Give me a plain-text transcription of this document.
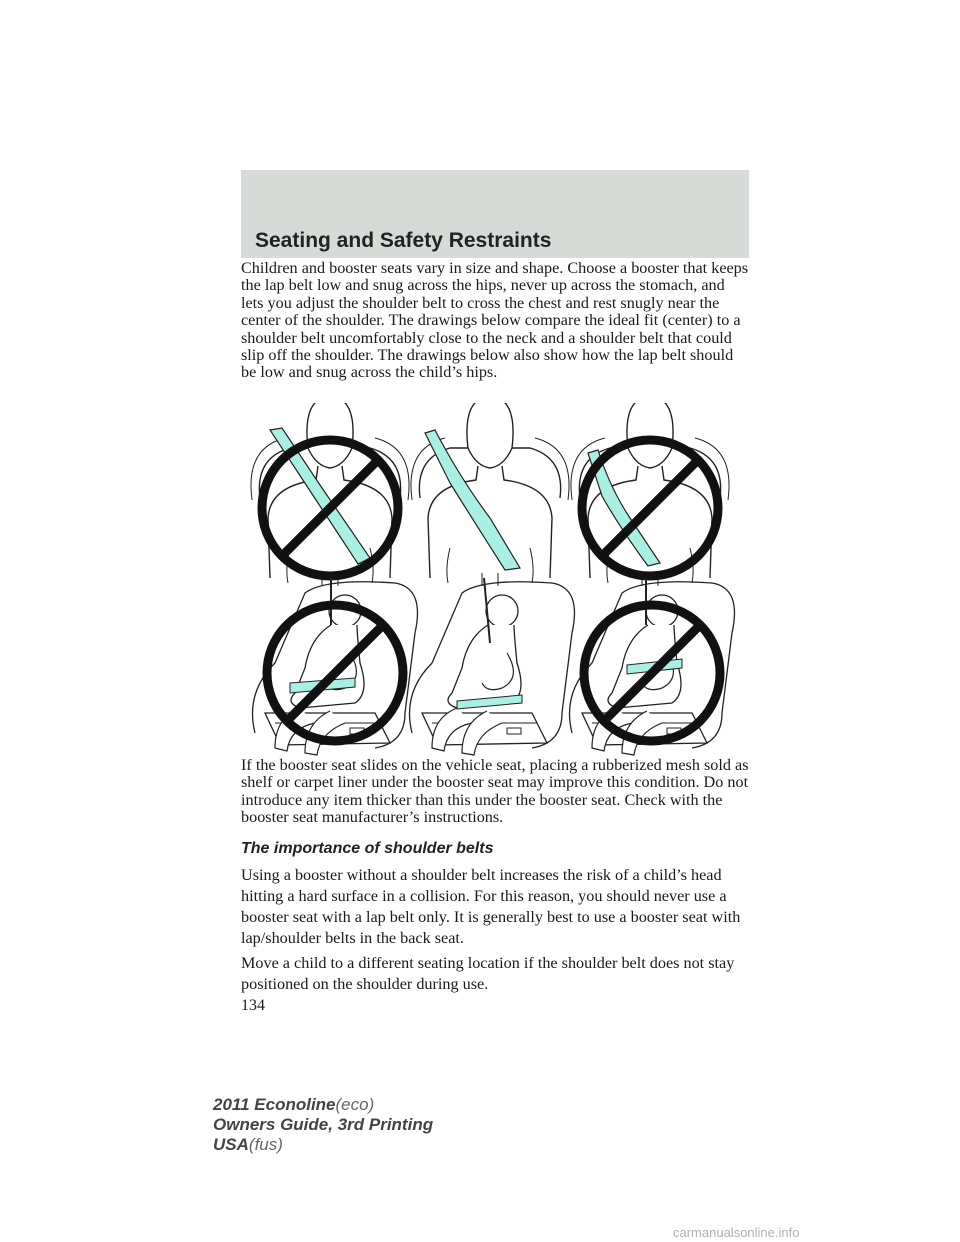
Seating and Safety Restraints

Children and booster seats vary in size and shape. Choose a booster that keeps the lap belt low and snug across the hips, never up across the stomach, and lets you adjust the shoulder belt to cross the chest and rest snugly near the center of the shoulder. The drawings below compare the ideal fit (center) to a shoulder belt uncomfortably close to the neck and a shoulder belt that could slip off the shoulder. The drawings below also show how the lap belt should be low and snug across the child’s hips.

If the booster seat slides on the vehicle seat, placing a rubberized mesh sold as shelf or carpet liner under the booster seat may improve this condition. Do not introduce any item thicker than this under the booster seat. Check with the booster seat manufacturer’s instructions.

The importance of shoulder belts

Using a booster without a shoulder belt increases the risk of a child’s head hitting a hard surface in a collision. For this reason, you should never use a booster seat with a lap belt only. It is generally best to use a booster seat with lap/shoulder belts in the back seat.

Move a child to a different seating location if the shoulder belt does not stay positioned on the shoulder during use.

134
2011 Econoline(eco)
Owners Guide, 3rd Printing
USA(fus)
carmanualsonline.info
